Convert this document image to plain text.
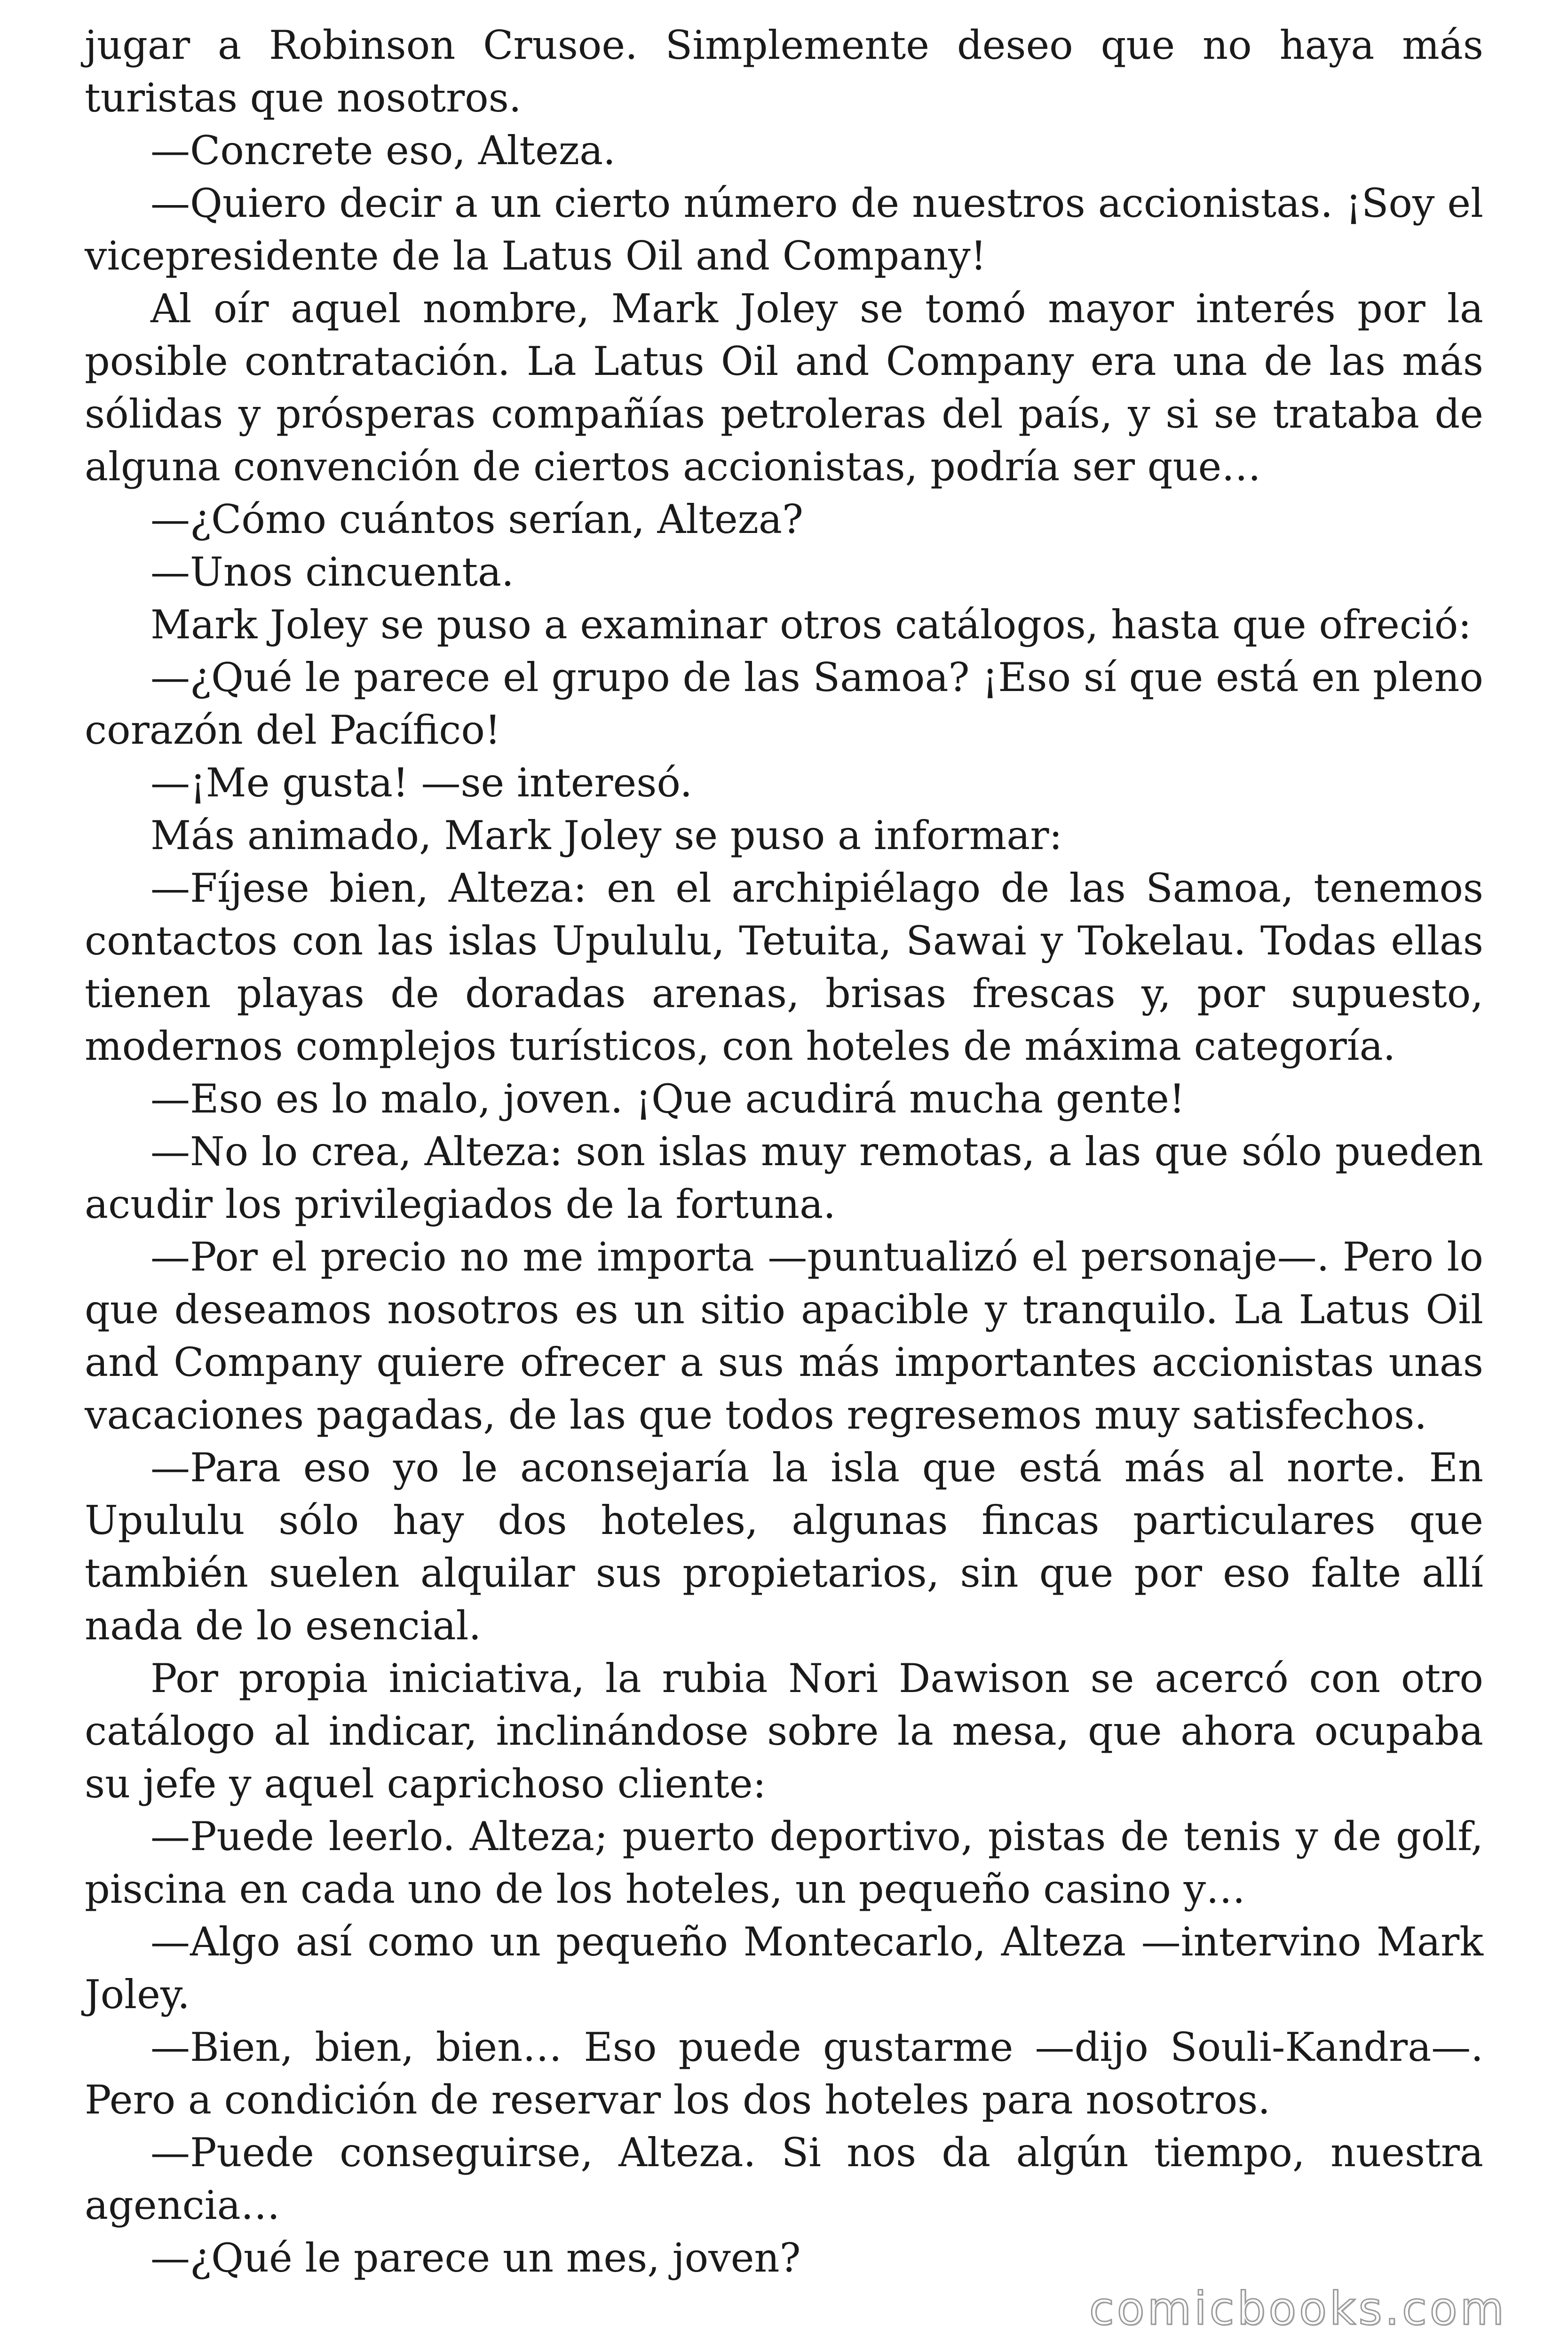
jugar a Robinson Crusoe. Simplemente deseo que no haya más turistas que nosotros.

—Concrete eso, Alteza.

—Quiero decir a un cierto número de nuestros accionistas. ¡Soy el vicepresidente de la Latus Oil and Company!

Al oír aquel nombre, Mark Joley se tomó mayor interés por la posible contratación. La Latus Oil and Company era una de las más sólidas y prósperas compañías petroleras del país, y si se trataba de alguna convención de ciertos accionistas, podría ser que…

—¿Cómo cuántos serían, Alteza?

—Unos cincuenta.

Mark Joley se puso a examinar otros catálogos, hasta que ofreció:

—¿Qué le parece el grupo de las Samoa? ¡Eso sí que está en pleno corazón del Pacífico!

—¡Me gusta! —se interesó.

Más animado, Mark Joley se puso a informar:

—Fíjese bien, Alteza: en el archipiélago de las Samoa, tenemos contactos con las islas Upululu, Tetuita, Sawai y Tokelau. Todas ellas tienen playas de doradas arenas, brisas frescas y, por supuesto, modernos complejos turísticos, con hoteles de máxima categoría.

—Eso es lo malo, joven. ¡Que acudirá mucha gente!

—No lo crea, Alteza: son islas muy remotas, a las que sólo pueden acudir los privilegiados de la fortuna.

—Por el precio no me importa —puntualizó el personaje—. Pero lo que deseamos nosotros es un sitio apacible y tranquilo. La Latus Oil and Company quiere ofrecer a sus más importantes accionistas unas vacaciones pagadas, de las que todos regresemos muy satisfechos.

—Para eso yo le aconsejaría la isla que está más al norte. En Upululu sólo hay dos hoteles, algunas fincas particulares que también suelen alquilar sus propietarios, sin que por eso falte allí nada de lo esencial.

Por propia iniciativa, la rubia Nori Dawison se acercó con otro catálogo al indicar, inclinándose sobre la mesa, que ahora ocupaba su jefe y aquel caprichoso cliente:

—Puede leerlo. Alteza; puerto deportivo, pistas de tenis y de golf, piscina en cada uno de los hoteles, un pequeño casino y…

—Algo así como un pequeño Montecarlo, Alteza —intervino Mark Joley.

—Bien, bien, bien… Eso puede gustarme —dijo Souli-Kandra—. Pero a condición de reservar los dos hoteles para nosotros.

—Puede conseguirse, Alteza. Si nos da algún tiempo, nuestra agencia…

—¿Qué le parece un mes, joven?

comicbooks.com
